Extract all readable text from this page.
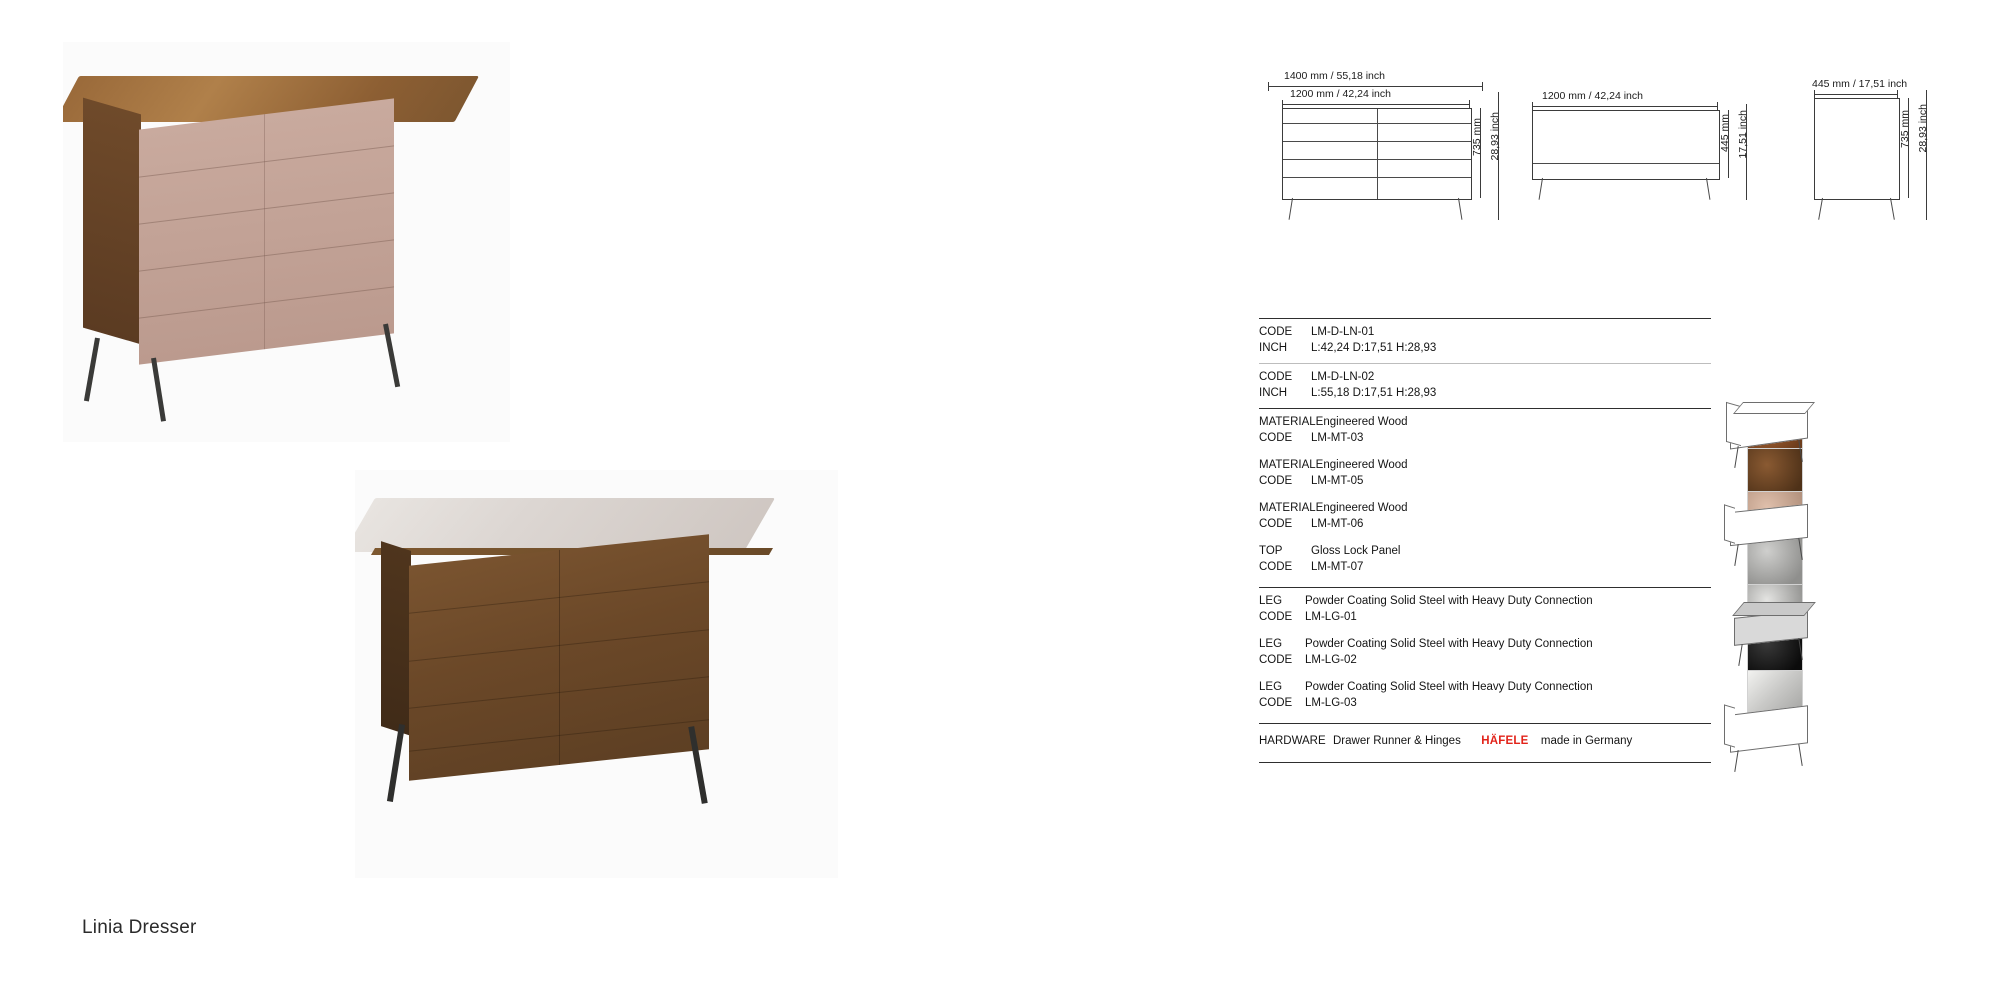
Linia Dresser
1400 mm / 55,18 inch
1200 mm / 42,24 inch
735 mm 28,93 inch
1200 mm / 42,24 inch
445 mm 17,51 inch
445 mm / 17,51 inch
735 mm 28,93 inch
CODE LM-D-LN-01
INCH L:42,24 D:17,51 H:28,93
CODE LM-D-LN-02
INCH L:55,18 D:17,51 H:28,93
MATERIALEngineered Wood
CODE LM-MT-03
MATERIALEngineered Wood
CODE LM-MT-05
MATERIALEngineered Wood
CODE LM-MT-06
TOP Gloss Lock Panel
CODE LM-MT-07
LEG Powder Coating Solid Steel with Heavy Duty Connection
CODE LM-LG-01
LEG Powder Coating Solid Steel with Heavy Duty Connection
CODE LM-LG-02
LEG Powder Coating Solid Steel with Heavy Duty Connection
CODE LM-LG-03
HARDWARE Drawer Runner & Hinges HÄFELE made in Germany
